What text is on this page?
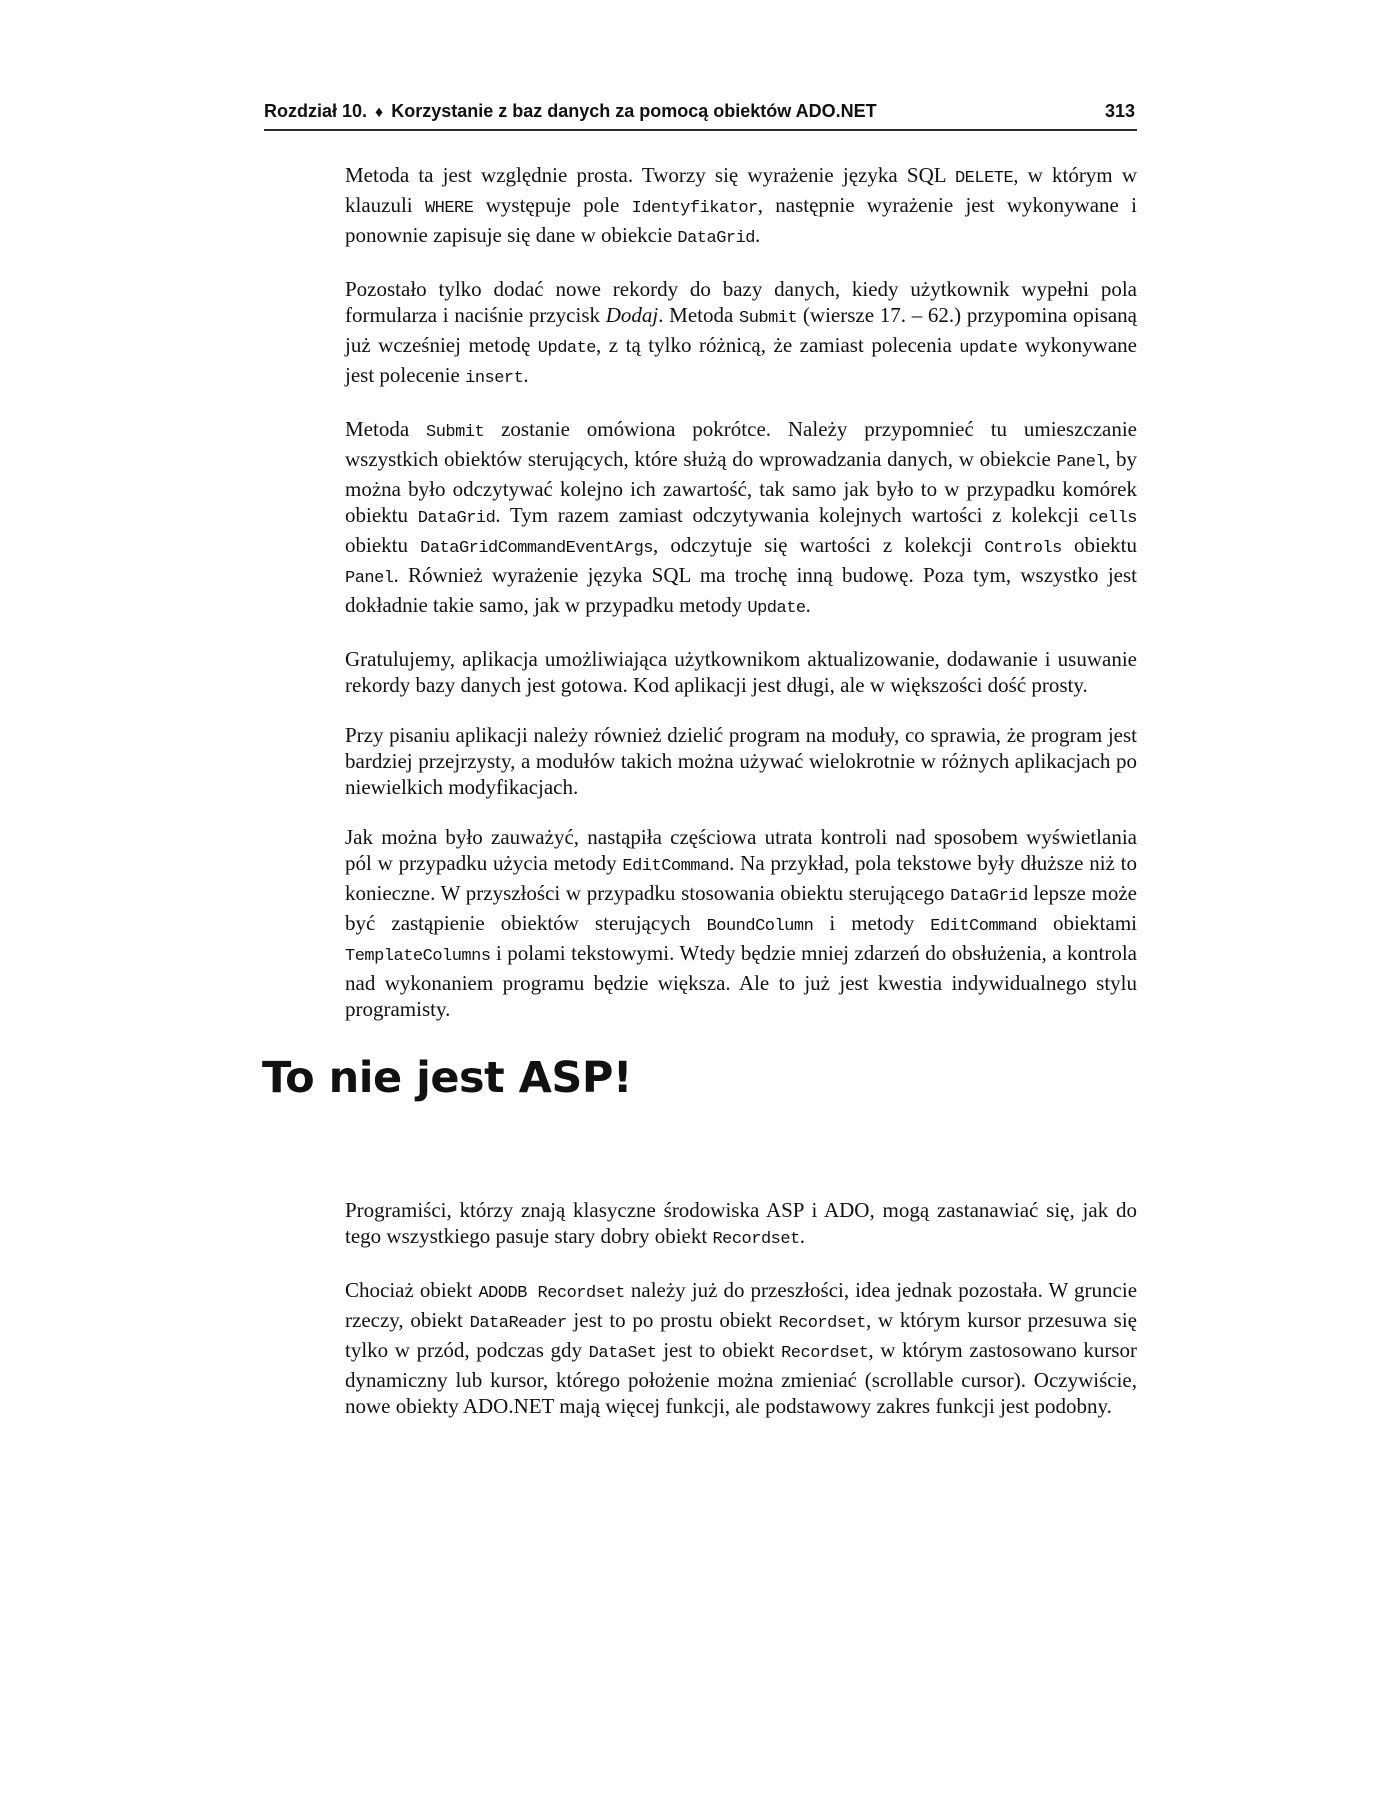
Rozdział 10. ♦ Korzystanie z baz danych za pomocą obiektów ADO.NET	313

Metoda ta jest względnie prosta. Tworzy się wyrażenie języka SQL DELETE, w którym w klauzuli WHERE występuje pole Identyfikator, następnie wyrażenie jest wykonywane i ponownie zapisuje się dane w obiekcie DataGrid.

Pozostało tylko dodać nowe rekordy do bazy danych, kiedy użytkownik wypełni pola formularza i naciśnie przycisk Dodaj. Metoda Submit (wiersze 17. – 62.) przypomina opisaną już wcześniej metodę Update, z tą tylko różnicą, że zamiast polecenia update wykonywane jest polecenie insert.

Metoda Submit zostanie omówiona pokrótce. Należy przypomnieć tu umieszczanie wszystkich obiektów sterujących, które służą do wprowadzania danych, w obiekcie Panel, by można było odczytywać kolejno ich zawartość, tak samo jak było to w przypadku komórek obiektu DataGrid. Tym razem zamiast odczytywania kolejnych wartości z kolekcji cells obiektu DataGridCommandEventArgs, odczytuje się wartości z kolekcji Controls obiektu Panel. Również wyrażenie języka SQL ma trochę inną budowę. Poza tym, wszystko jest dokładnie takie samo, jak w przypadku metody Update.

Gratulujemy, aplikacja umożliwiająca użytkownikom aktualizowanie, dodawanie i usuwanie rekordy bazy danych jest gotowa. Kod aplikacji jest długi, ale w większości dość prosty.

Przy pisaniu aplikacji należy również dzielić program na moduły, co sprawia, że program jest bardziej przejrzysty, a modułów takich można używać wielokrotnie w różnych aplikacjach po niewielkich modyfikacjach.

Jak można było zauważyć, nastąpiła częściowa utrata kontroli nad sposobem wyświetlania pól w przypadku użycia metody EditCommand. Na przykład, pola tekstowe były dłuższe niż to konieczne. W przyszłości w przypadku stosowania obiektu sterującego DataGrid lepsze może być zastąpienie obiektów sterujących BoundColumn i metody EditCommand obiektami TemplateColumns i polami tekstowymi. Wtedy będzie mniej zdarzeń do obsłużenia, a kontrola nad wykonaniem programu będzie większa. Ale to już jest kwestia indywidualnego stylu programisty.

To nie jest ASP!

Programiści, którzy znają klasyczne środowiska ASP i ADO, mogą zastanawiać się, jak do tego wszystkiego pasuje stary dobry obiekt Recordset.

Chociaż obiekt ADODB Recordset należy już do przeszłości, idea jednak pozostała. W gruncie rzeczy, obiekt DataReader jest to po prostu obiekt Recordset, w którym kursor przesuwa się tylko w przód, podczas gdy DataSet jest to obiekt Recordset, w którym zastosowano kursor dynamiczny lub kursor, którego położenie można zmieniać (scrollable cursor). Oczywiście, nowe obiekty ADO.NET mają więcej funkcji, ale podstawowy zakres funkcji jest podobny.
